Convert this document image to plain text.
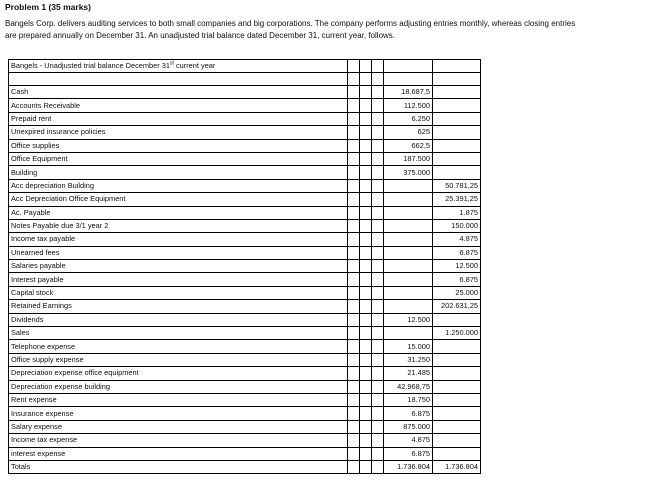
Problem 1 (35 marks)
Bangels Corp. delivers auditing services to both small companies and big corporations. The company performs adjusting entries monthly, whereas closing entries
are prepared annually on December 31. An unadjusted trial balance dated December 31, current year, follows.
Bangels - Unadjusted trial balance December 31st current year					

Cash				18.687,5	
Accounts Receivable				112.500	
Prepaid rent				6.250	
Unexpired insurance policies				625	
Office supplies				662,5	
Office Equipment				187.500	
Building				375.000	
Acc depreciation Building					50.781,25
Acc Depreciation Office Equipment					25.391,25
Ac. Payable					1.875
Notes Payable due 3/1 year 2					150.000
Income tax payable					4.875
Unearned fees					6.875
Salaries payable					12.500
Interest payable					6.875
Capital stock					25.000
Retained Earnings					202.631,25
Dividends				12.500	
Sales					1.250.000
Telephone expense				15.000	
Office supply expense				31.250	
Depreciation expense office equipment				21.485	
Depreciation expense building				42.968,75	
Rent expense				18.750	
Insurance expense				6.875	
Salary expense				875.000	
Income tax expense				4.875	
interest expense				6.875	
Totals				1.736.804	1.736.804
